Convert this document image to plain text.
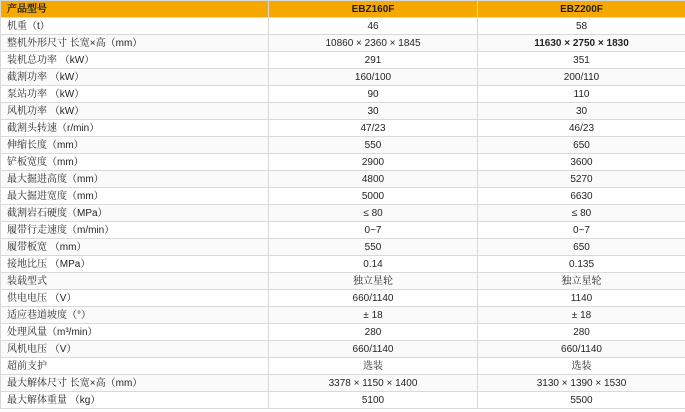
产品型号	EBZ160F	EBZ200F
机重（t）	46	58
整机外形尺寸 长宽×高（mm）	10860 × 2360 × 1845	11630 × 2750 × 1830
装机总功率 （kW）	291	351
截割功率 （kW）	160/100	200/110
泵站功率 （kW）	90	110
风机功率 （kW）	30	30
截割头转速（r/min）	47/23	46/23
伸缩长度（mm）	550	650
铲板宽度（mm）	2900	3600
最大掘进高度（mm）	4800	5270
最大掘进宽度（mm）	5000	6630
截割岩石硬度（MPa）	≤ 80	≤ 80
履带行走速度（m/min）	0~7	0~7
履带板宽 （mm）	550	650
接地比压 （MPa）	0.14	0.135
装载型式	独立星轮	独立星轮
供电电压 （V）	660/1140	1140
适应巷道坡度（°）	± 18	± 18
处理风量（m³/min）	280	280
风机电压 （V）	660/1140	660/1140
超前支护	选装	选装
最大解体尺寸 长宽×高（mm）	3378 × 1150 × 1400	3130 × 1390 × 1530
最大解体重量 （kg）	5100	5500
